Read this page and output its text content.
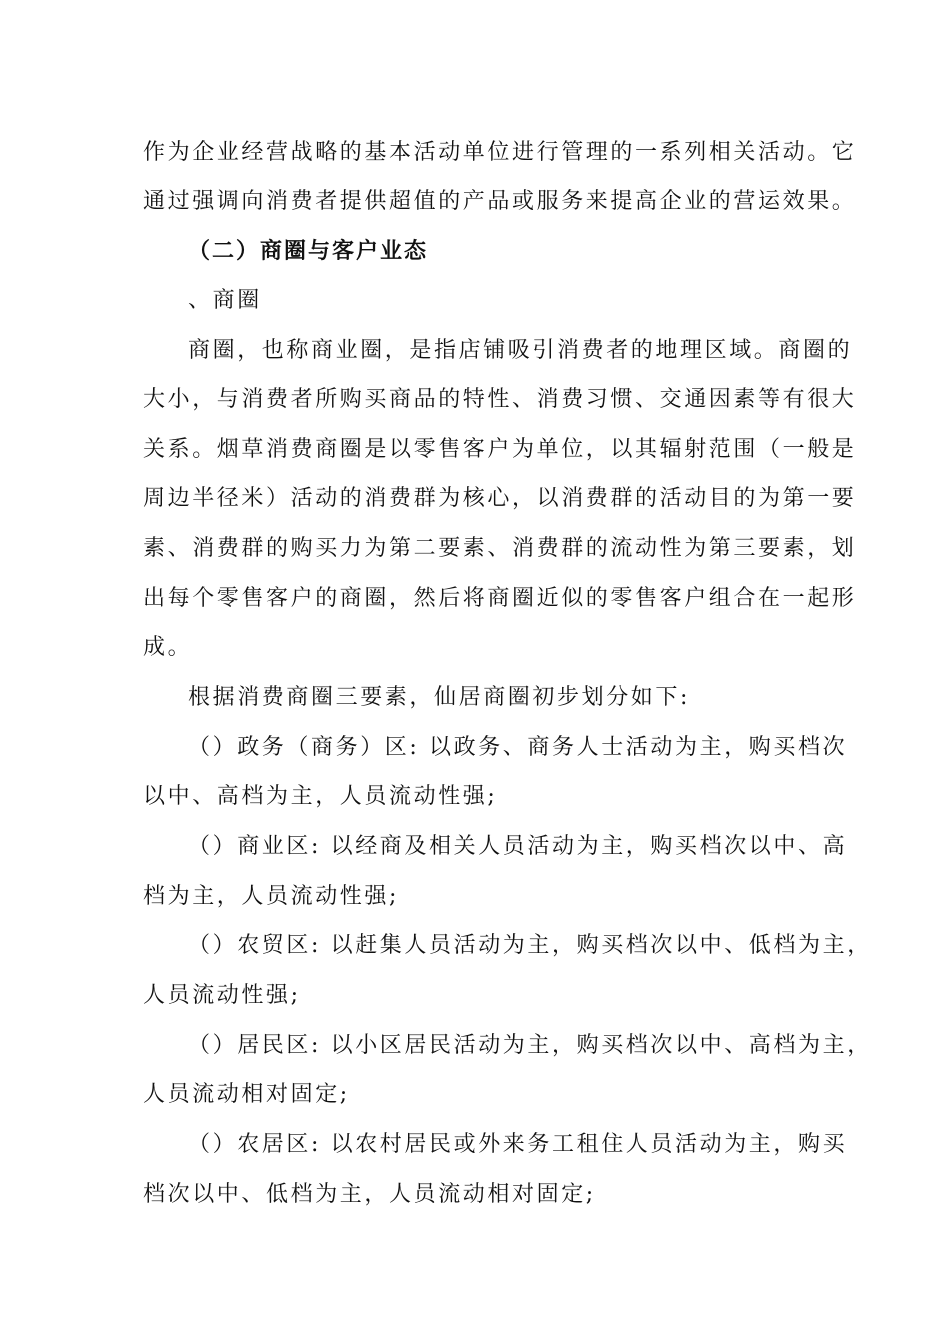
作为企业经营战略的基本活动单位进行管理的一系列相关活动。它
通过强调向消费者提供超值的产品或服务来提高企业的营运效果。
（二）商圈与客户业态
、商圈
商圈，也称商业圈，是指店铺吸引消费者的地理区域。商圈的
大小，与消费者所购买商品的特性、消费习惯、交通因素等有很大
关系。烟草消费商圈是以零售客户为单位，以其辐射范围（一般是
周边半径米）活动的消费群为核心，以消费群的活动目的为第一要
素、消费群的购买力为第二要素、消费群的流动性为第三要素，划
出每个零售客户的商圈，然后将商圈近似的零售客户组合在一起形
成。
根据消费商圈三要素，仙居商圈初步划分如下:
（）政务（商务）区: 以政务、商务人士活动为主，购买档次
以中、高档为主，人员流动性强;
（）商业区: 以经商及相关人员活动为主，购买档次以中、高
档为主，人员流动性强;
（）农贸区: 以赶集人员活动为主，购买档次以中、低档为主，
人员流动性强;
（）居民区: 以小区居民活动为主，购买档次以中、高档为主，
人员流动相对固定;
（）农居区: 以农村居民或外来务工租住人员活动为主，购买
档次以中、低档为主，人员流动相对固定;
